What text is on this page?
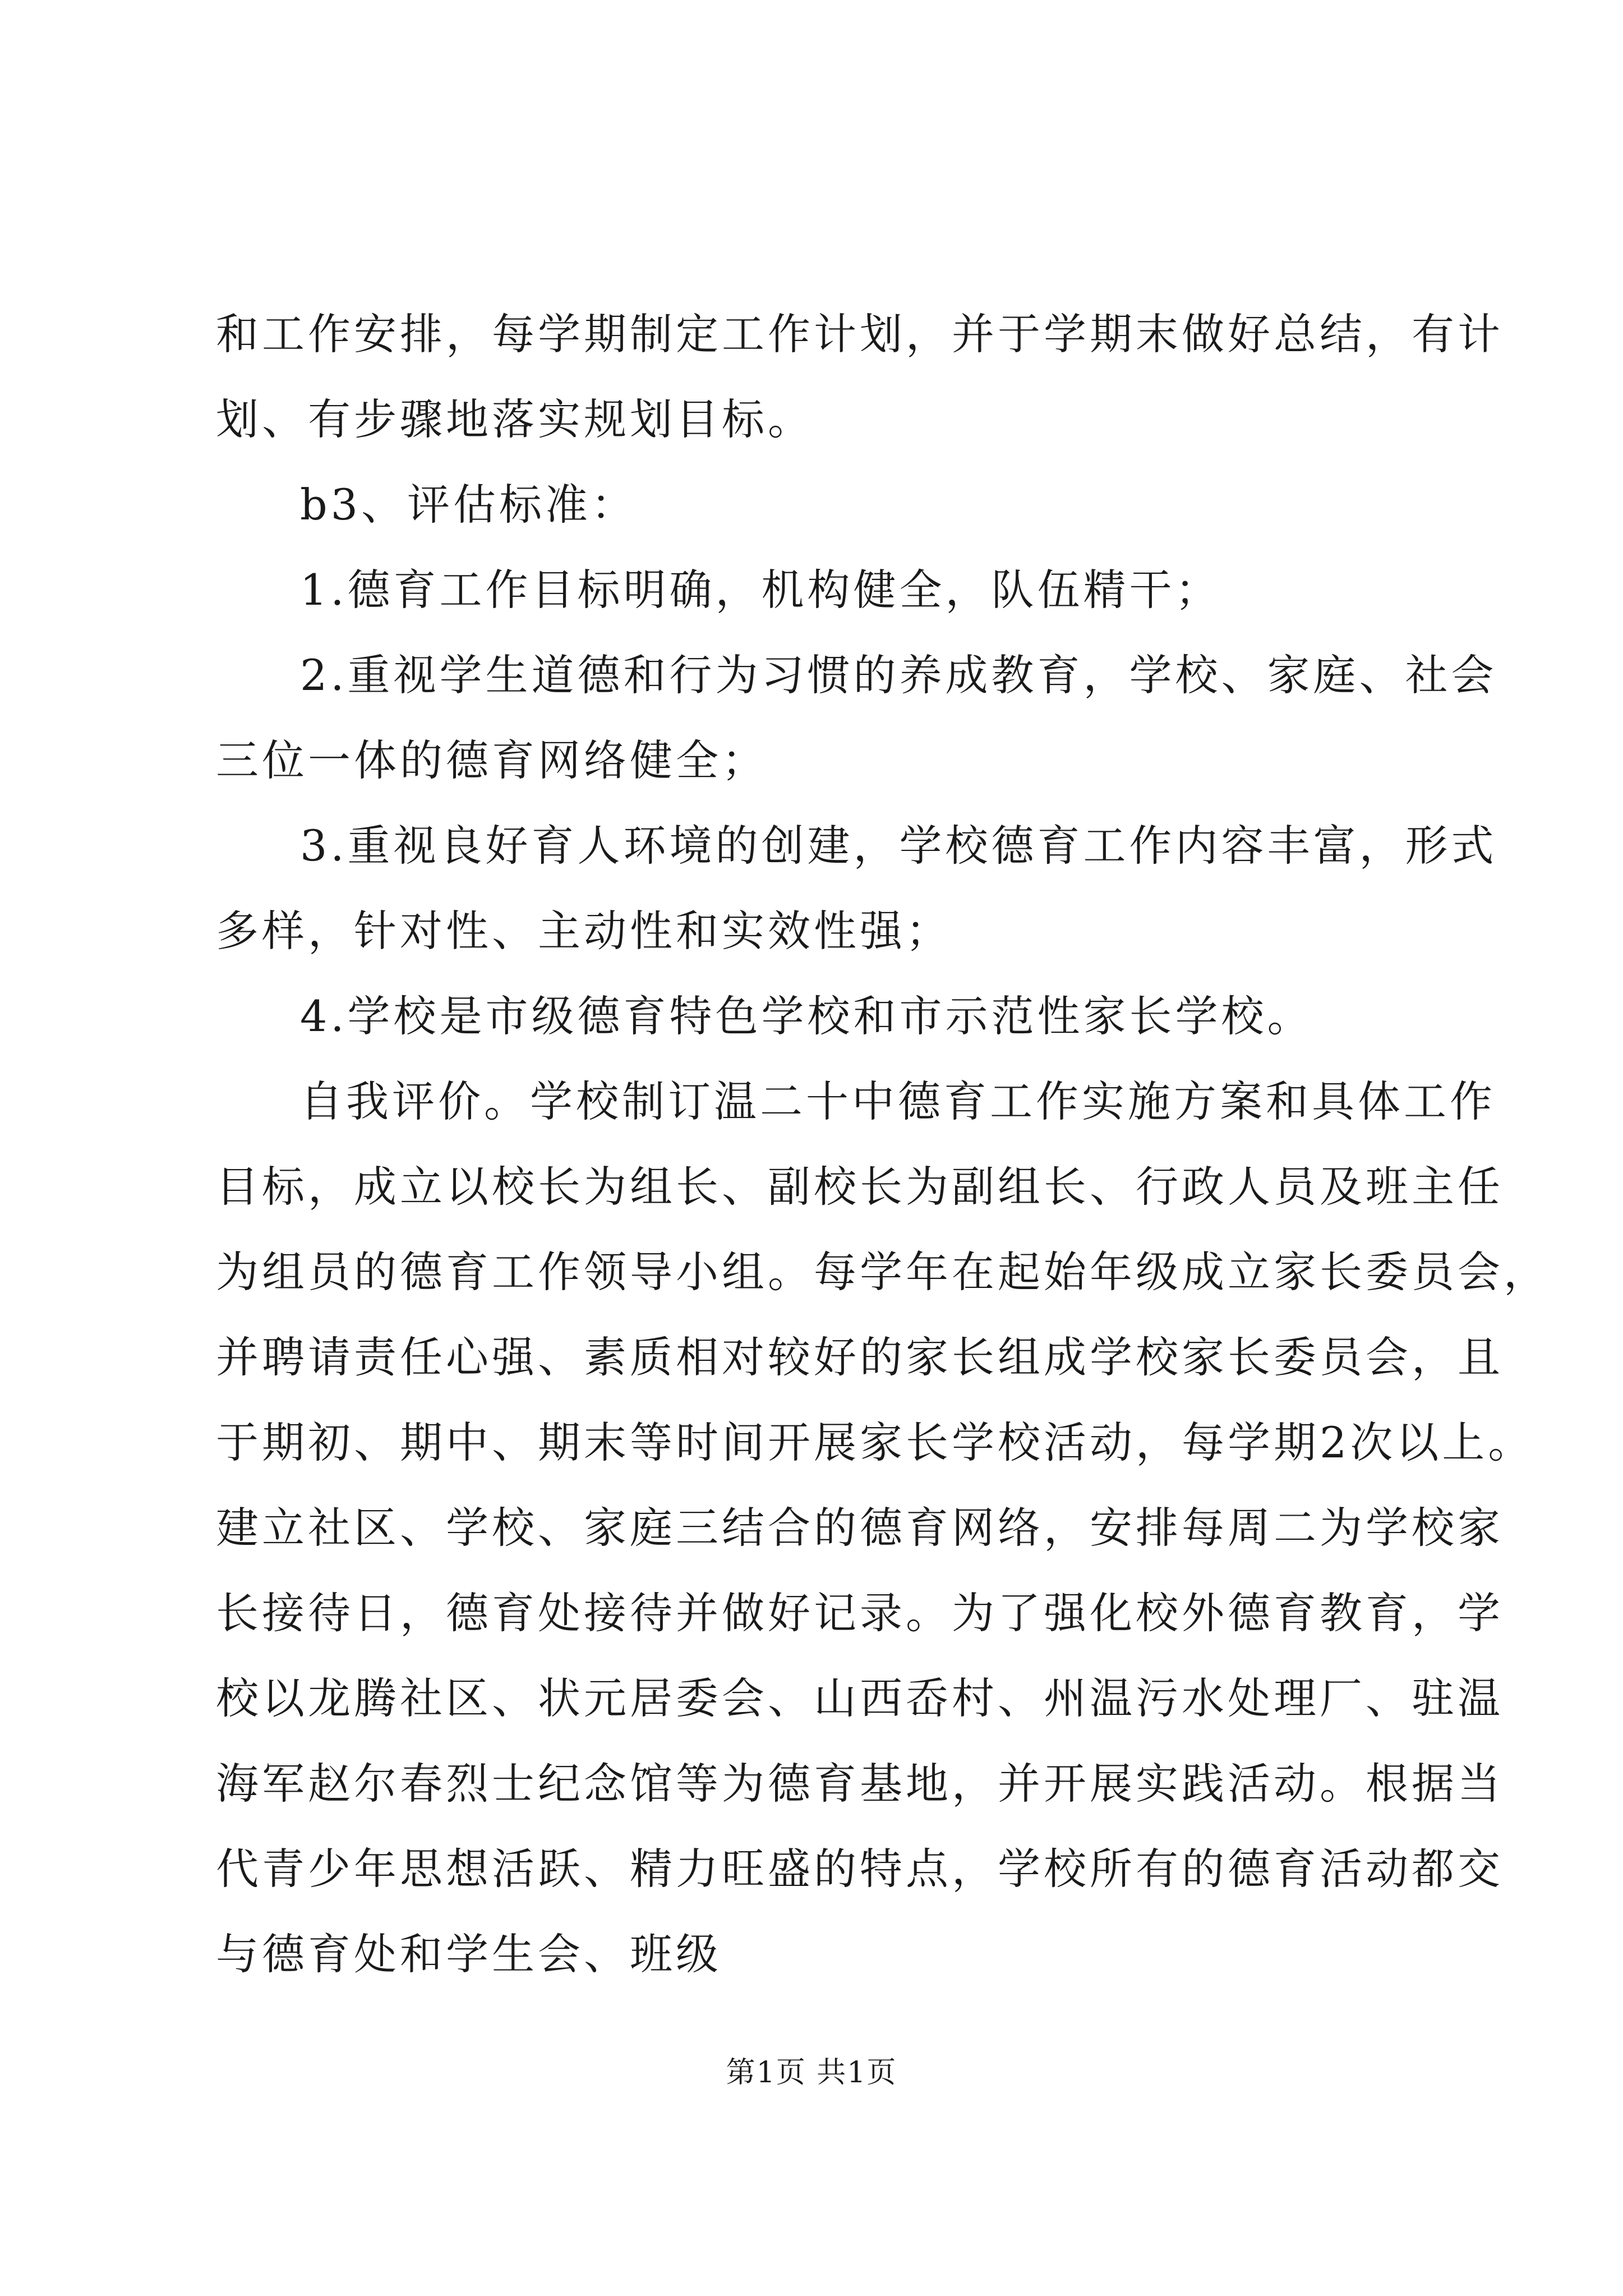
和工作安排，每学期制定工作计划，并于学期末做好总结，有计
划、有步骤地落实规划目标。
b3、评估标准：
1.德育工作目标明确，机构健全，队伍精干；
2.重视学生道德和行为习惯的养成教育，学校、家庭、社会
三位一体的德育网络健全；
3.重视良好育人环境的创建，学校德育工作内容丰富，形式
多样，针对性、主动性和实效性强；
4.学校是市级德育特色学校和市示范性家长学校。
自我评价。学校制订温二十中德育工作实施方案和具体工作
目标，成立以校长为组长、副校长为副组长、行政人员及班主任
为组员的德育工作领导小组。每学年在起始年级成立家长委员会，
并聘请责任心强、素质相对较好的家长组成学校家长委员会，且
于期初、期中、期末等时间开展家长学校活动，每学期2次以上。
建立社区、学校、家庭三结合的德育网络，安排每周二为学校家
长接待日，德育处接待并做好记录。为了强化校外德育教育，学
校以龙腾社区、状元居委会、山西岙村、州温污水处理厂、驻温
海军赵尔春烈士纪念馆等为德育基地，并开展实践活动。根据当
代青少年思想活跃、精力旺盛的特点，学校所有的德育活动都交
与德育处和学生会、班级
第1页 共1页
